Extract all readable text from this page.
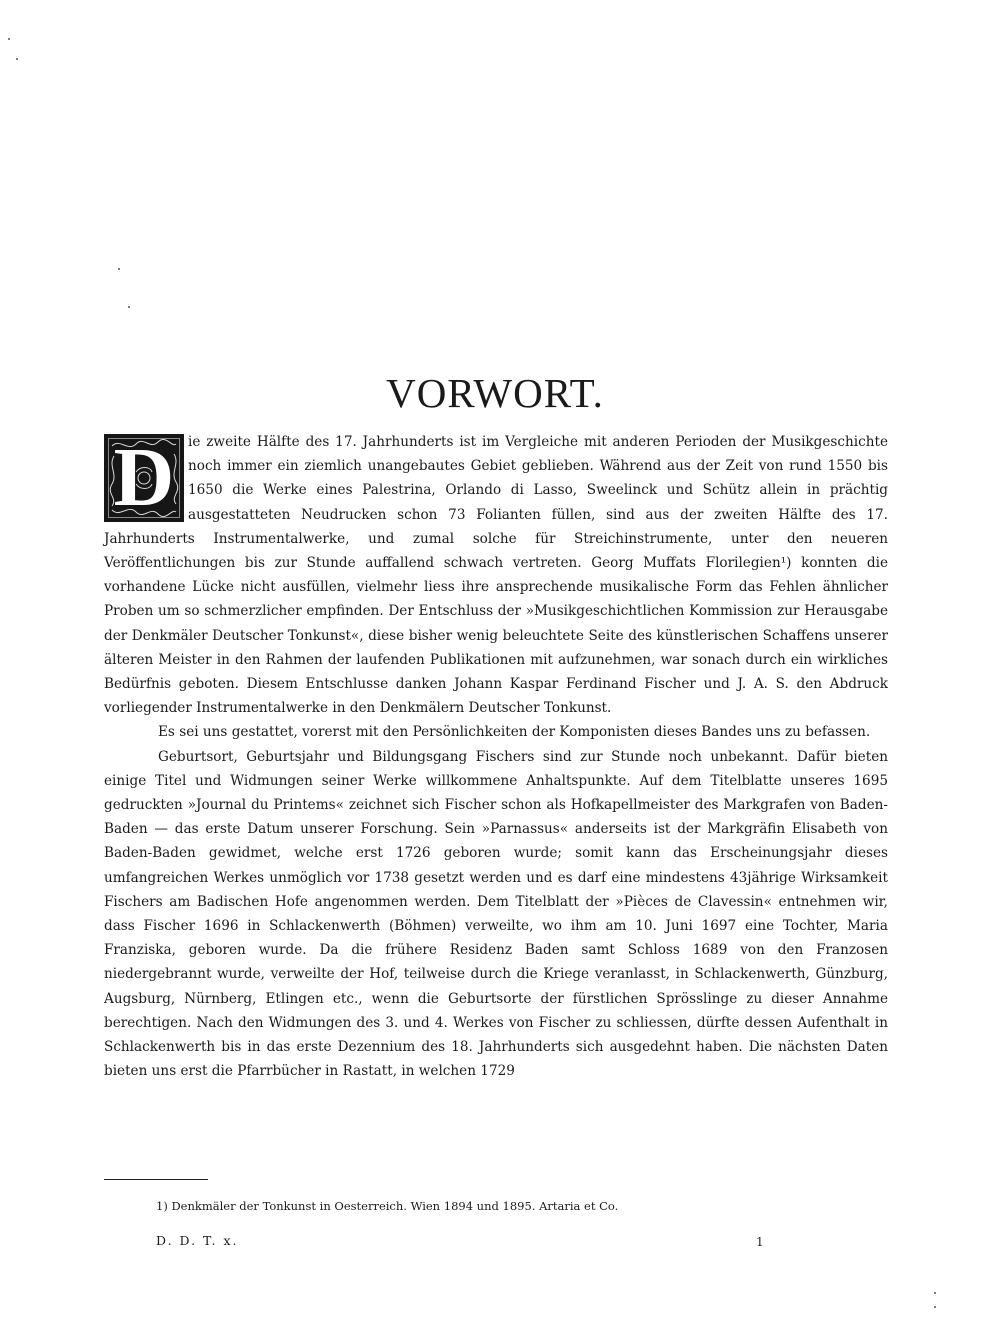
VORWORT.

D	ie zweite Hälfte des 17. Jahrhunderts ist im Vergleiche mit anderen Perioden der Musikgeschichte noch immer ein ziemlich unangebautes Gebiet geblieben. Während aus der Zeit von rund 1550 bis 1650 die Werke eines Palestrina, Orlando di Lasso, Sweelinck und Schütz allein in prächtig ausgestatteten Neudrucken schon 73 Folianten füllen, sind aus der zweiten Hälfte des 17. Jahrhunderts Instrumentalwerke, und zumal solche für Streichinstrumente, unter den neueren Veröffentlichungen bis zur Stunde auffallend schwach vertreten. Georg Muffats Florilegien¹) konnten die vorhandene Lücke nicht ausfüllen, vielmehr liess ihre ansprechende musikalische Form das Fehlen ähnlicher Proben um so schmerzlicher empfinden. Der Entschluss der »Musikgeschichtlichen Kommission zur Herausgabe der Denkmäler Deutscher Tonkunst«, diese bisher wenig beleuchtete Seite des künstlerischen Schaffens unserer älteren Meister in den Rahmen der laufenden Publikationen mit aufzunehmen, war sonach durch ein wirkliches Bedürfnis geboten. Diesem Entschlusse danken Johann Kaspar Ferdinand Fischer und J. A. S. den Abdruck vorliegender Instrumentalwerke in den Denkmälern Deutscher Tonkunst.

Es sei uns gestattet, vorerst mit den Persönlichkeiten der Komponisten dieses Bandes uns zu befassen.

Geburtsort, Geburtsjahr und Bildungsgang Fischers sind zur Stunde noch unbekannt. Dafür bieten einige Titel und Widmungen seiner Werke willkommene Anhaltspunkte. Auf dem Titelblatte unseres 1695 gedruckten »Journal du Printems« zeichnet sich Fischer schon als Hofkapellmeister des Markgrafen von Baden-Baden — das erste Datum unserer Forschung. Sein »Parnassus« anderseits ist der Markgräfin Elisabeth von Baden-Baden gewidmet, welche erst 1726 geboren wurde; somit kann das Erscheinungsjahr dieses umfangreichen Werkes unmöglich vor 1738 gesetzt werden und es darf eine mindestens 43jährige Wirksamkeit Fischers am Badischen Hofe angenommen werden. Dem Titelblatt der »Pièces de Clavessin« entnehmen wir, dass Fischer 1696 in Schlackenwerth (Böhmen) verweilte, wo ihm am 10. Juni 1697 eine Tochter, Maria Franziska, geboren wurde. Da die frühere Residenz Baden samt Schloss 1689 von den Franzosen niedergebrannt wurde, verweilte der Hof, teilweise durch die Kriege veranlasst, in Schlackenwerth, Günzburg, Augsburg, Nürnberg, Etlingen etc., wenn die Geburtsorte der fürstlichen Sprösslinge zu dieser Annahme berechtigen. Nach den Widmungen des 3. und 4. Werkes von Fischer zu schliessen, dürfte dessen Aufenthalt in Schlackenwerth bis in das erste Dezennium des 18. Jahrhunderts sich ausgedehnt haben. Die nächsten Daten bieten uns erst die Pfarrbücher in Rastatt, in welchen 1729

1) Denkmäler der Tonkunst in Oesterreich. Wien 1894 und 1895. Artaria et Co.
D. D. T. x.	1
